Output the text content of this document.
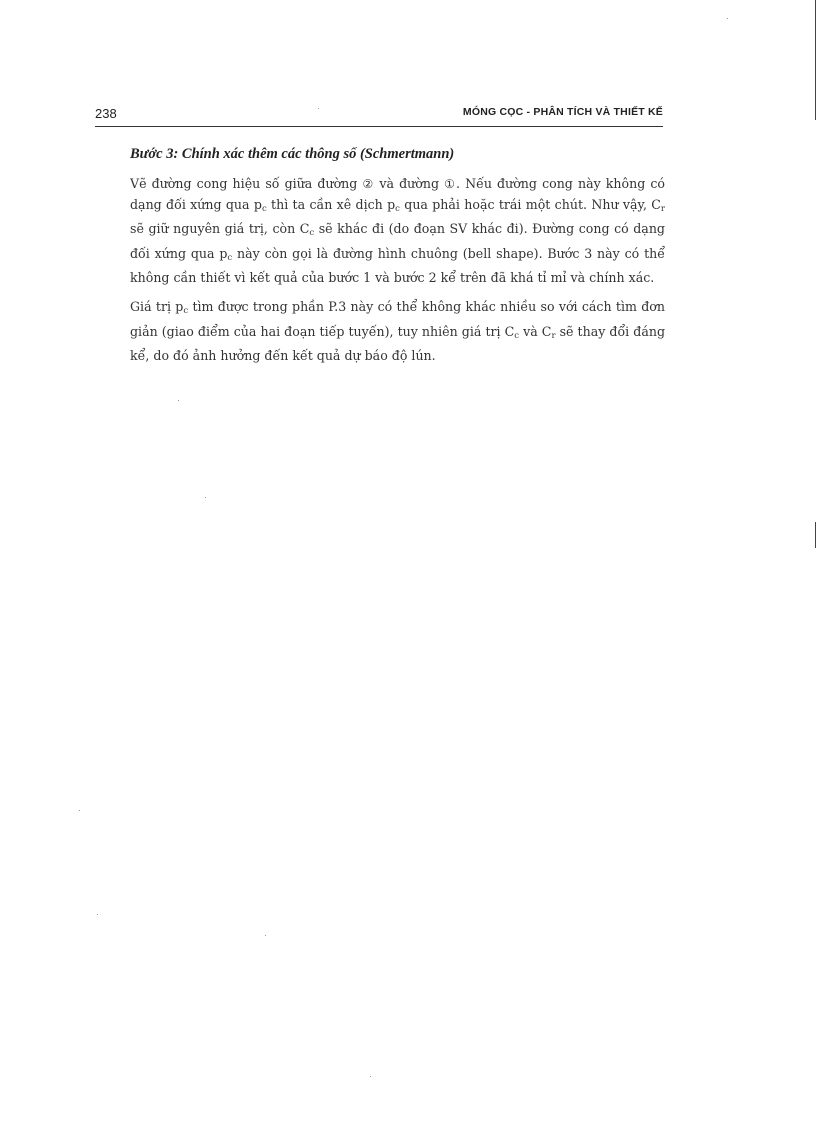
238	MÓNG CỌC - PHÂN TÍCH VÀ THIẾT KẾ
Bước 3: Chính xác thêm các thông số (Schmertmann)

Vẽ đường cong hiệu số giữa đường ② và đường ①. Nếu đường cong này không có dạng đối xứng qua $p_c$ thì ta cần xê dịch $p_c$ qua phải hoặc trái một chút. Như vậy, $C_r$ sẽ giữ nguyên giá trị, còn $C_c$ sẽ khác đi (do đoạn SV khác đi). Đường cong có dạng đối xứng qua $p_c$ này còn gọi là đường hình chuông (bell shape). Bước 3 này có thể không cần thiết vì kết quả của bước 1 và bước 2 kể trên đã khá tỉ mỉ và chính xác.

Giá trị $p_c$ tìm được trong phần P.3 này có thể không khác nhiều so với cách tìm đơn giản (giao điểm của hai đoạn tiếp tuyến), tuy nhiên giá trị $C_c$ và $C_r$ sẽ thay đổi đáng kể, do đó ảnh hưởng đến kết quả dự báo độ lún.
